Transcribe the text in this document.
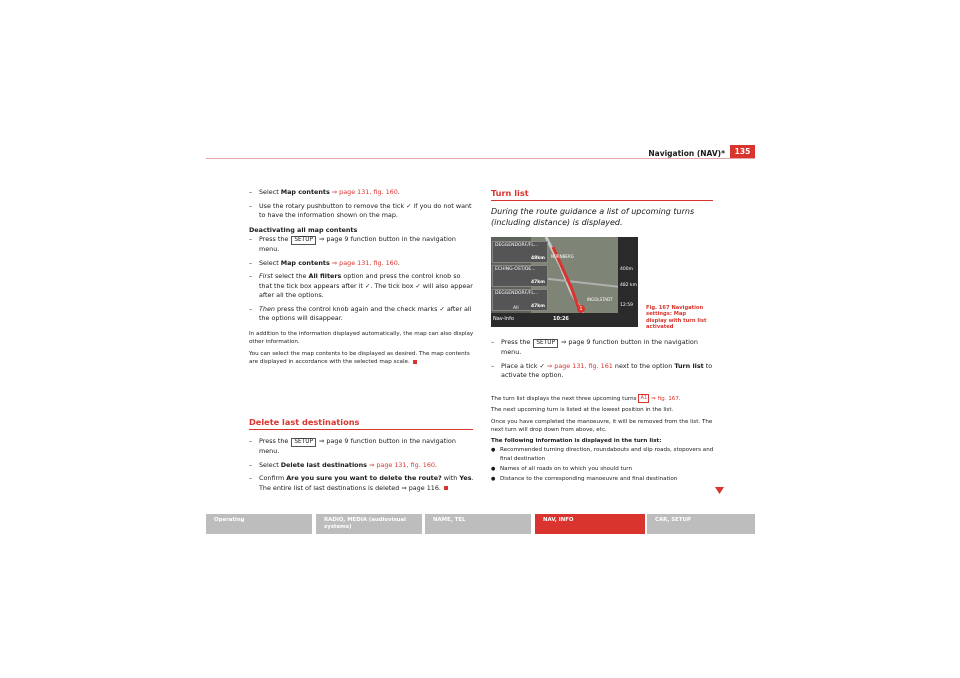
Navigation (NAV)*	135

– Select Map contents ⇒ page 131, fig. 160.

– Use the rotary pushbutton to remove the tick ✓ if you do not want to have the information shown on the map.

Deactivating all map contents

– Press the SETUP ⇒ page 9 function button in the navigation menu.

– Select Map contents ⇒ page 131, fig. 160.

– First select the All filters option and press the control knob so that the tick box appears after it ✓. The tick box ✓ will also appear after all the options.

– Then press the control knob again and the check marks ✓ after all the options will disappear.

In addition to the information displayed automatically, the map can also display other information.

You can select the map contents to be displayed as desired. The map contents are displayed in accordance with the selected map scale.

Delete last destinations

– Press the SETUP ⇒ page 9 function button in the navigation menu.

– Select Delete last destinations ⇒ page 131, fig. 160.

– Confirm Are you sure you want to delete the route? with Yes. The entire list of last destinations is deleted ⇒ page 116.

Turn list
During the route guidance a list of upcoming turns (including distance) is displayed.
DEGGENDORF/FL...
48km
ECHING-OST/DE...
47km
DEGGENDORF/FL...
47km
All
NÜRNBERG
INGOLSTADT
400m
482 km
12:59
1
Nav-Info	10:26
Fig. 167 Navigation settings: Map display with turn list activated

– Press the SETUP ⇒ page 9 function button in the navigation menu.

– Place a tick ✓ ⇒ page 131, fig. 161 next to the option Turn list to activate the option.

The turn list displays the next three upcoming turns A1 ⇒ fig. 167.

The next upcoming turn is listed at the lowest position in the list.

Once you have completed the manoeuvre, it will be removed from the list. The next turn will drop down from above, etc.

The following information is displayed in the turn list:

● Recommended turning direction, roundabouts and slip roads, stopovers and final destination

● Names of all roads on to which you should turn

● Distance to the corresponding manoeuvre and final destination

Operating	RADIO, MEDIA (audiovisual systems)
NAME, TEL	NAV, INFO	CAR, SETUP
